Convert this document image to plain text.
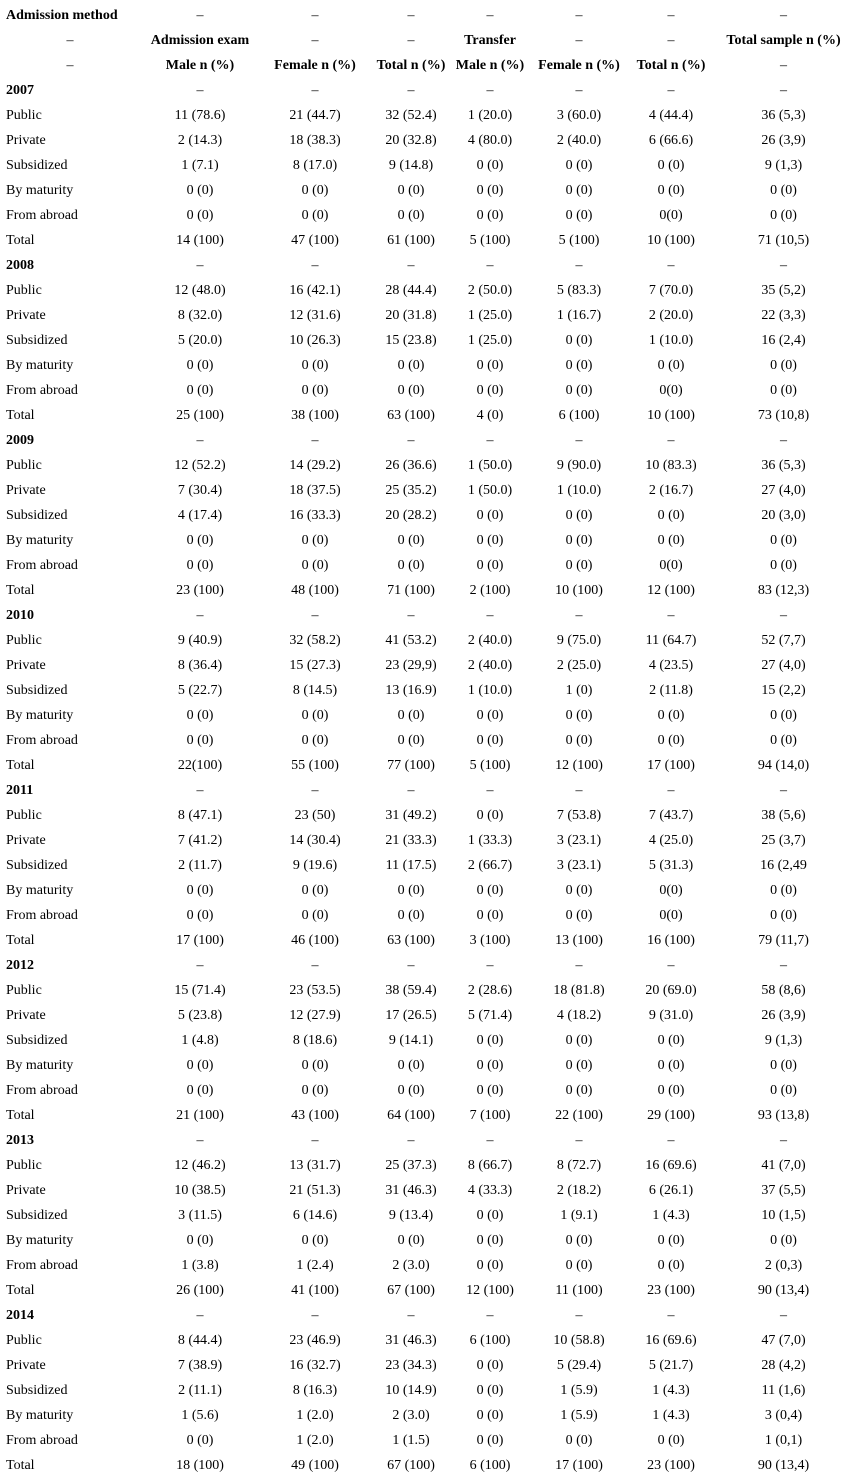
Admission method	–	–	–	–	–	–	–
–	Admission exam	–	–	Transfer	–	–	Total sample n (%)
–	Male n (%)	Female n (%)	Total n (%)	Male n (%)	Female n (%)	Total n (%)	–
2007	–	–	–	–	–	–	–
Public	11 (78.6)	21 (44.7)	32 (52.4)	1 (20.0)	3 (60.0)	4 (44.4)	36 (5,3)
Private	2 (14.3)	18 (38.3)	20 (32.8)	4 (80.0)	2 (40.0)	6 (66.6)	26 (3,9)
Subsidized	1 (7.1)	8 (17.0)	9 (14.8)	0 (0)	0 (0)	0 (0)	9 (1,3)
By maturity	0 (0)	0 (0)	0 (0)	0 (0)	0 (0)	0 (0)	0 (0)
From abroad	0 (0)	0 (0)	0 (0)	0 (0)	0 (0)	0(0)	0 (0)
Total	14 (100)	47 (100)	61 (100)	5 (100)	5 (100)	10 (100)	71 (10,5)
2008	–	–	–	–	–	–	–
Public	12 (48.0)	16 (42.1)	28 (44.4)	2 (50.0)	5 (83.3)	7 (70.0)	35 (5,2)
Private	8 (32.0)	12 (31.6)	20 (31.8)	1 (25.0)	1 (16.7)	2 (20.0)	22 (3,3)
Subsidized	5 (20.0)	10 (26.3)	15 (23.8)	1 (25.0)	0 (0)	1 (10.0)	16 (2,4)
By maturity	0 (0)	0 (0)	0 (0)	0 (0)	0 (0)	0 (0)	0 (0)
From abroad	0 (0)	0 (0)	0 (0)	0 (0)	0 (0)	0(0)	0 (0)
Total	25 (100)	38 (100)	63 (100)	4 (0)	6 (100)	10 (100)	73 (10,8)
2009	–	–	–	–	–	–	–
Public	12 (52.2)	14 (29.2)	26 (36.6)	1 (50.0)	9 (90.0)	10 (83.3)	36 (5,3)
Private	7 (30.4)	18 (37.5)	25 (35.2)	1 (50.0)	1 (10.0)	2 (16.7)	27 (4,0)
Subsidized	4 (17.4)	16 (33.3)	20 (28.2)	0 (0)	0 (0)	0 (0)	20 (3,0)
By maturity	0 (0)	0 (0)	0 (0)	0 (0)	0 (0)	0 (0)	0 (0)
From abroad	0 (0)	0 (0)	0 (0)	0 (0)	0 (0)	0(0)	0 (0)
Total	23 (100)	48 (100)	71 (100)	2 (100)	10 (100)	12 (100)	83 (12,3)
2010	–	–	–	–	–	–	–
Public	9 (40.9)	32 (58.2)	41 (53.2)	2 (40.0)	9 (75.0)	11 (64.7)	52 (7,7)
Private	8 (36.4)	15 (27.3)	23 (29,9)	2 (40.0)	2 (25.0)	4 (23.5)	27 (4,0)
Subsidized	5 (22.7)	8 (14.5)	13 (16.9)	1 (10.0)	1 (0)	2 (11.8)	15 (2,2)
By maturity	0 (0)	0 (0)	0 (0)	0 (0)	0 (0)	0 (0)	0 (0)
From abroad	0 (0)	0 (0)	0 (0)	0 (0)	0 (0)	0 (0)	0 (0)
Total	22(100)	55 (100)	77 (100)	5 (100)	12 (100)	17 (100)	94 (14,0)
2011	–	–	–	–	–	–	–
Public	8 (47.1)	23 (50)	31 (49.2)	0 (0)	7 (53.8)	7 (43.7)	38 (5,6)
Private	7 (41.2)	14 (30.4)	21 (33.3)	1 (33.3)	3 (23.1)	4 (25.0)	25 (3,7)
Subsidized	2 (11.7)	9 (19.6)	11 (17.5)	2 (66.7)	3 (23.1)	5 (31.3)	16 (2,49
By maturity	0 (0)	0 (0)	0 (0)	0 (0)	0 (0)	0(0)	0 (0)
From abroad	0 (0)	0 (0)	0 (0)	0 (0)	0 (0)	0(0)	0 (0)
Total	17 (100)	46 (100)	63 (100)	3 (100)	13 (100)	16 (100)	79 (11,7)
2012	–	–	–	–	–	–	–
Public	15 (71.4)	23 (53.5)	38 (59.4)	2 (28.6)	18 (81.8)	20 (69.0)	58 (8,6)
Private	5 (23.8)	12 (27.9)	17 (26.5)	5 (71.4)	4 (18.2)	9 (31.0)	26 (3,9)
Subsidized	1 (4.8)	8 (18.6)	9 (14.1)	0 (0)	0 (0)	0 (0)	9 (1,3)
By maturity	0 (0)	0 (0)	0 (0)	0 (0)	0 (0)	0 (0)	0 (0)
From abroad	0 (0)	0 (0)	0 (0)	0 (0)	0 (0)	0 (0)	0 (0)
Total	21 (100)	43 (100)	64 (100)	7 (100)	22 (100)	29 (100)	93 (13,8)
2013	–	–	–	–	–	–	–
Public	12 (46.2)	13 (31.7)	25 (37.3)	8 (66.7)	8 (72.7)	16 (69.6)	41 (7,0)
Private	10 (38.5)	21 (51.3)	31 (46.3)	4 (33.3)	2 (18.2)	6 (26.1)	37 (5,5)
Subsidized	3 (11.5)	6 (14.6)	9 (13.4)	0 (0)	1 (9.1)	1 (4.3)	10 (1,5)
By maturity	0 (0)	0 (0)	0 (0)	0 (0)	0 (0)	0 (0)	0 (0)
From abroad	1 (3.8)	1 (2.4)	2 (3.0)	0 (0)	0 (0)	0 (0)	2 (0,3)
Total	26 (100)	41 (100)	67 (100)	12 (100)	11 (100)	23 (100)	90 (13,4)
2014	–	–	–	–	–	–	–
Public	8 (44.4)	23 (46.9)	31 (46.3)	6 (100)	10 (58.8)	16 (69.6)	47 (7,0)
Private	7 (38.9)	16 (32.7)	23 (34.3)	0 (0)	5 (29.4)	5 (21.7)	28 (4,2)
Subsidized	2 (11.1)	8 (16.3)	10 (14.9)	0 (0)	1 (5.9)	1 (4.3)	11 (1,6)
By maturity	1 (5.6)	1 (2.0)	2 (3.0)	0 (0)	1 (5.9)	1 (4.3)	3 (0,4)
From abroad	0 (0)	1 (2.0)	1 (1.5)	0 (0)	0 (0)	0 (0)	1 (0,1)
Total	18 (100)	49 (100)	67 (100)	6 (100)	17 (100)	23 (100)	90 (13,4)
